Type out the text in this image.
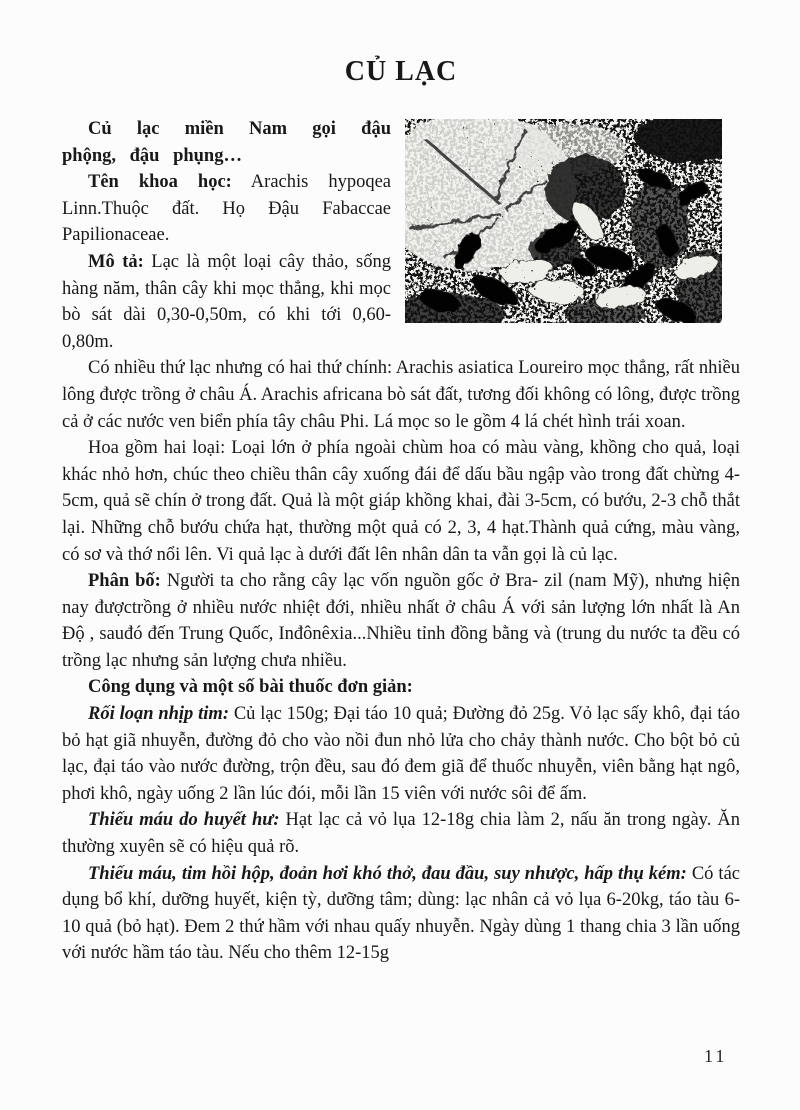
CỦ LẠC

Củ lạc miền Nam gọi đậu phộng, đậu phụng…

Tên khoa học: Arachis hypoqea Linn.Thuộc đất. Họ Đậu Fabaccae Papilionaceae.

Mô tả: Lạc là một loại cây thảo, sống hàng năm, thân cây khi mọc thẳng, khi mọc bò sát dài 0,30-0,50m, có khi tới 0,60-0,80m.

Có nhiều thứ lạc nhưng có hai thứ chính: Arachis asiatica Loureiro mọc thẳng, rất nhiều lông được trồng ở châu Á. Arachis africana bò sát đất, tương đối không có lông, được trồng cả ở các nước ven biển phía tây châu Phi. Lá mọc so le gồm 4 lá chét hình trái xoan.

Hoa gồm hai loại: Loại lớn ở phía ngoài chùm hoa có màu vàng, khồng cho quả, loại khác nhỏ hơn, chúc theo chiều thân cây xuống đái để dấu bầu ngập vào trong đất chừng 4-5cm, quả sẽ chín ở trong đất. Quả là một giáp khồng khai, đài 3-5cm, có bướu, 2-3 chỗ thắt lại. Những chỗ bướu chứa hạt, thường một quả có 2, 3, 4 hạt.Thành quả cứng, màu vàng, có sơ và thớ nổi lên. Vi quả lạc à dưới đất lên nhân dân ta vẫn gọi là củ lạc.

Phân bố: Người ta cho rằng cây lạc vốn nguồn gốc ở Bra- zil (nam Mỹ), nhưng hiện nay đượctrồng ở nhiều nước nhiệt đới, nhiều nhất ở châu Á với sản lượng lớn nhất là An Độ , sauđó đến Trung Quốc, Inđônêxia...Nhiều tỉnh đồng bằng và (trung du nước ta đều có trồng lạc nhưng sản lượng chưa nhiều.

Công dụng và một số bài thuốc đơn giản:

Rối loạn nhịp tim: Củ lạc 150g; Đại táo 10 quả; Đường đỏ 25g. Vỏ lạc sấy khô, đại táo bỏ hạt giã nhuyễn, đường đỏ cho vào nồi đun nhỏ lửa cho chảy thành nước. Cho bột bỏ củ lạc, đại táo vào nước đường, trộn đều, sau đó đem giã để thuốc nhuyễn, viên bằng hạt ngô, phơi khô, ngày uống 2 lần lúc đói, mỗi lần 15 viên với nước sôi để ấm.

Thiếu máu do huyết hư: Hạt lạc cả vỏ lụa 12-18g chia làm 2, nấu ăn trong ngày. Ăn thường xuyên sẽ có hiệu quả rõ.

Thiếu máu, tim hồi hộp, đoản hơi khó thở, đau đầu, suy nhược, hấp thụ kém: Có tác dụng bổ khí, dưỡng huyết, kiện tỳ, dưỡng tâm; dùng: lạc nhân cả vỏ lụa 6-20kg, táo tàu 6-10 quả (bỏ hạt). Đem 2 thứ hầm với nhau quấy nhuyễn. Ngày dùng 1 thang chia 3 lần uống với nước hầm táo tàu. Nếu cho thêm 12-15g

11
